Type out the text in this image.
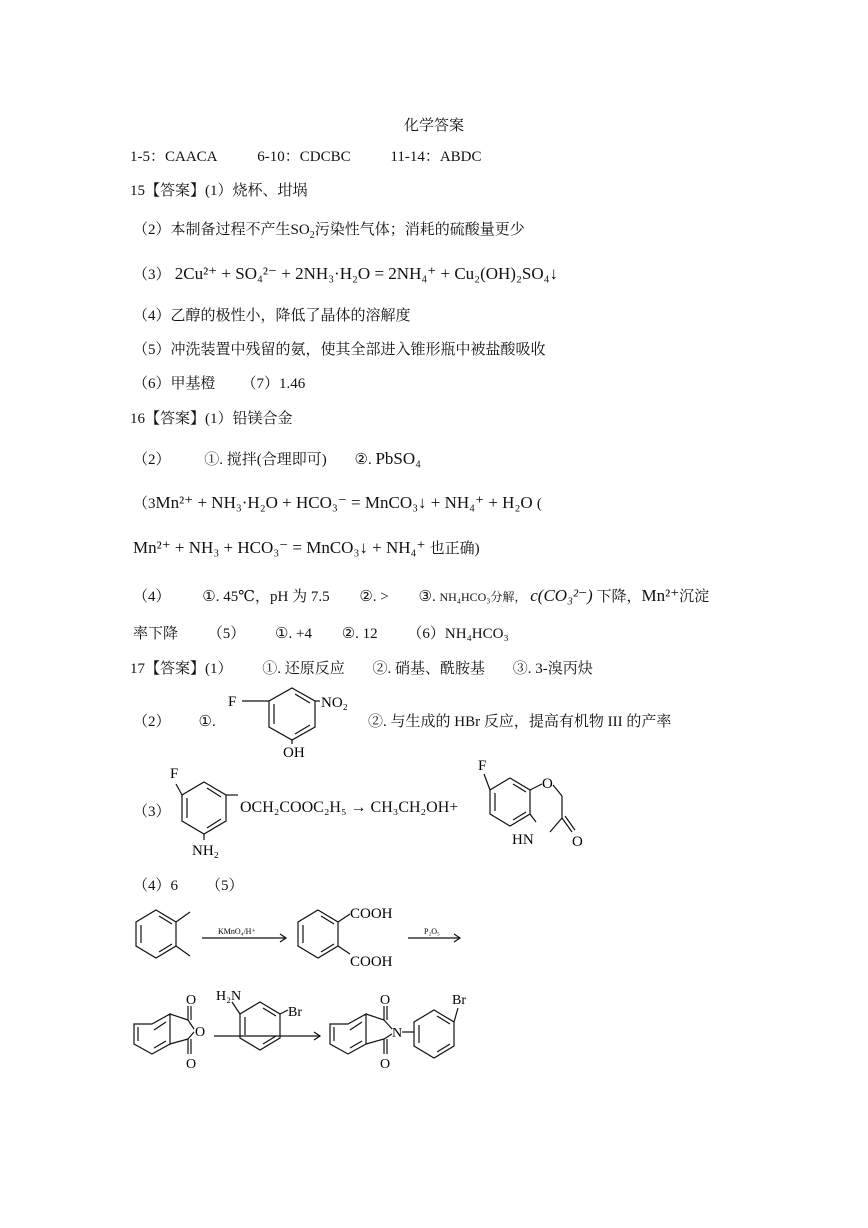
化学答案
1-5：CAACA	6-10：CDCBC	11-14：ABDC
15【答案】(1）烧杯、坩埚
（2）本制备过程不产生$SO_2$污染性气体；消耗的硫酸量更少
（3） 2Cu²⁺ + SO₄²⁻ + 2NH₃·H₂O = 2NH₄⁺ + Cu₂(OH)₂SO₄↓
（4）乙醇的极性小，降低了晶体的溶解度
（5）冲洗装置中残留的氨，使其全部进入锥形瓶中被盐酸吸收
（6）甲基橙 （7）1.46
16【答案】(1）铅镁合金
（2） ①. 搅拌(合理即可) ②. PbSO₄
（3Mn²⁺ + NH₃·H₂O + HCO₃⁻ = MnCO₃↓ + NH₄⁺ + H₂O (
Mn²⁺ + NH₃ + HCO₃⁻ = MnCO₃↓ + NH₄⁺ 也正确)
（4） ①. 45℃，pH 为 7.5 ②. > ③. NH₄HCO₃分解， c(CO₃²⁻) 下降，Mn²⁺沉淀
率下降 （5） ①. +4 ②. 12 （6）NH₄HCO₃
17【答案】(1） ①. 还原反应 ②. 硝基、酰胺基 ③. 3-溴丙炔
（2） ①.	②. 与生成的 HBr 反应，提高有机物 III 的产率
F	NO₂
OH
（3）
F
NH₂
OCH₂COOC₂H₅ → CH₃CH₂OH+
F
O
HN	O
（4）6 （5）
KMnO₄/H⁺	P₂O₅
COOH
COOH
O
O
O
H₂N
Br
O
N
O
Br
